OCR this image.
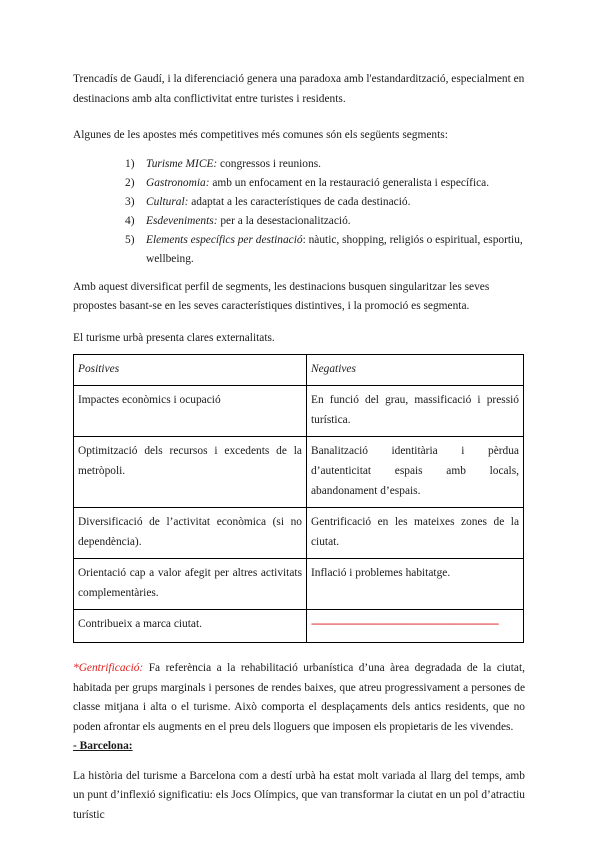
Trencadís de Gaudí, i la diferenciació genera una paradoxa amb l'estandardització, especialment en destinacions amb alta conflictivitat entre turistes i residents.

Algunes de les apostes més competitives més comunes són els següents segments:

1) Turisme MICE: congressos i reunions.
2) Gastronomia: amb un enfocament en la restauració generalista i específica.
3) Cultural: adaptat a les característiques de cada destinació.
4) Esdeveniments: per a la desestacionalització.
5) Elements específics per destinació: nàutic, shopping, religiós o espiritual, esportiu, wellbeing.

Amb aquest diversificat perfil de segments, les destinacions busquen singularitzar les seves propostes basant-se en les seves característiques distintives, i la promoció es segmenta.

El turisme urbà presenta clares externalitats.

Positives	Negatives
Impactes econòmics i ocupació	En funció del grau, massificació i pressió turística.
Optimització dels recursos i excedents de la metròpoli.	Banalització identitària i pèrdua d’autenticitat espais amb locals, abandonament d’espais.
Diversificació de l’activitat econòmica (si no dependència).	Gentrificació en les mateixes zones de la ciutat.
Orientació cap a valor afegit per altres activitats complementàries.	Inflació i problemes habitatge.
Contribueix a marca ciutat.	-------------------------------------------------------------------

*Gentrificació: Fa referència a la rehabilitació urbanística d’una àrea degradada de la ciutat, habitada per grups marginals i persones de rendes baixes, que atreu progressivament a persones de classe mitjana i alta o el turisme. Això comporta el desplaçaments dels antics residents, que no poden afrontar els augments en el preu dels lloguers que imposen els propietaris de les vivendes.

- Barcelona:

La història del turisme a Barcelona com a destí urbà ha estat molt variada al llarg del temps, amb un punt d’inflexió significatiu: els Jocs Olímpics, que van transformar la ciutat en un pol d’atractiu turístic
